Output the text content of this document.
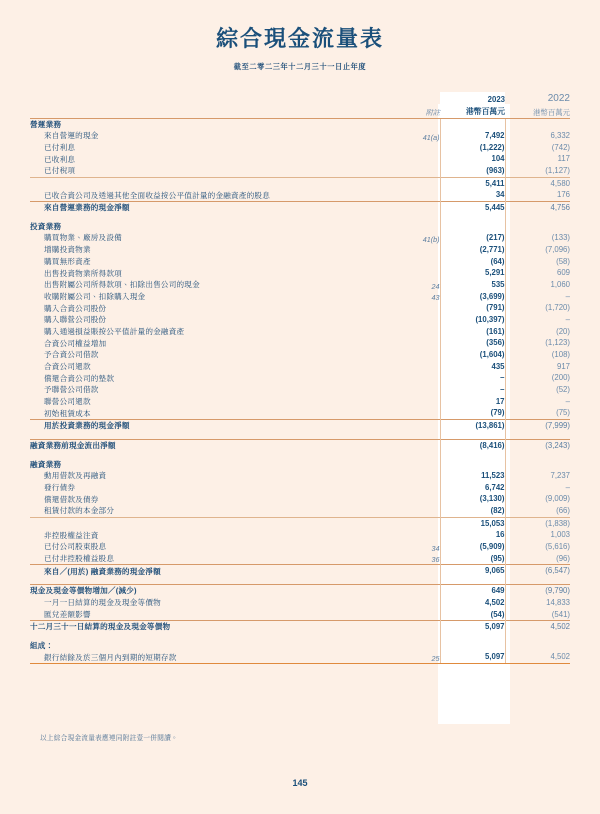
綜合現金流量表
截至二零二三年十二月三十一日止年度
		2023	2022
	附註	港幣百萬元	港幣百萬元
營運業務			
來自營運的現金	41(a)	7,492	6,332
已付利息		(1,222)	(742)
已收利息		104	117
已付稅項		(963)	(1,127)
		5,411	4,580
已收合資公司及透過其他全面收益按公平值計量的金融資產的股息		34	176
來自營運業務的現金淨額		5,445	4,756

投資業務			
購買物業、廠房及設備	41(b)	(217)	(133)
增購投資物業		(2,771)	(7,096)
購買無形資產		(64)	(58)
出售投資物業所得款項		5,291	609
出售附屬公司所得款項、扣除出售公司的現金	24	535	1,060
收購附屬公司、扣除購入現金	43	(3,699)	–
購入合資公司股份		(791)	(1,720)
購入聯營公司股份		(10,397)	–
購入通過損益賬按公平值計量的金融資產		(161)	(20)
合資公司權益增加		(356)	(1,123)
予合資公司借款		(1,604)	(108)
合資公司還款		435	917
償還合資公司的墊款		–	(200)
予聯營公司借款		–	(52)
聯營公司還款		17	–
初始租賃成本		(79)	(75)
用於投資業務的現金淨額		(13,861)	(7,999)

融資業務前現金流出淨額		(8,416)	(3,243)

融資業務			
動用借款及再融資		11,523	7,237
發行債券		6,742	–
償還借款及債券		(3,130)	(9,009)
租賃付款的本金部分		(82)	(66)
		15,053	(1,838)
非控股權益注資		16	1,003
已付公司股東股息	34	(5,909)	(5,616)
已付非控股權益股息	36	(95)	(96)
來自／(用於) 融資業務的現金淨額		9,065	(6,547)

現金及現金等價物增加／(減少)		649	(9,790)
一月一日結算的現金及現金等價物		4,502	14,833
匯兌差額影響		(54)	(541)
十二月三十一日結算的現金及現金等價物		5,097	4,502

組成：			
銀行結餘及於三個月內到期的短期存款	25	5,097	4,502
以上綜合現金流量表應連同附註壹一併閱讀。
145
